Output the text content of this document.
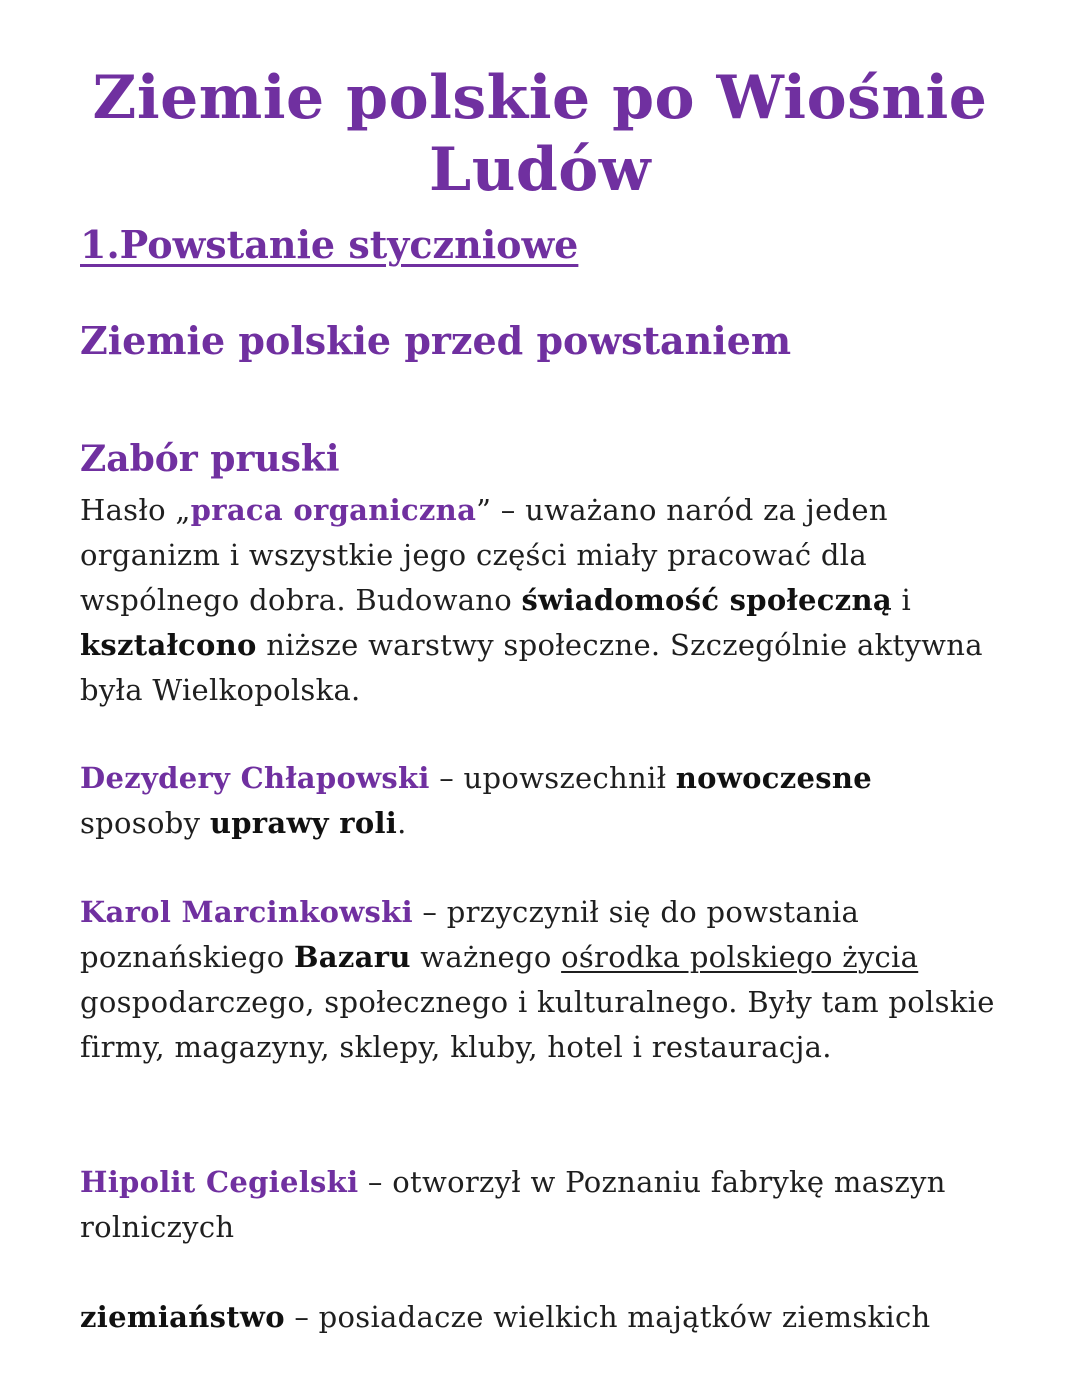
Ziemie polskie po Wiośnie Ludów
1.Powstanie styczniowe
Ziemie polskie przed powstaniem
Zabór pruski

Hasło „praca organiczna” – uważano naród za jeden organizm i wszystkie jego części miały pracować dla wspólnego dobra. Budowano świadomość społeczną i kształcono niższe warstwy społeczne. Szczególnie aktywna była Wielkopolska.

Dezydery Chłapowski – upowszechnił nowoczesne sposoby uprawy roli.

Karol Marcinkowski – przyczynił się do powstania poznańskiego Bazaru ważnego ośrodka polskiego życia gospodarczego, społecznego i kulturalnego. Były tam polskie firmy, magazyny, sklepy, kluby, hotel i restauracja.

Hipolit Cegielski – otworzył w Poznaniu fabrykę maszyn rolniczych

ziemiaństwo – posiadacze wielkich majątków ziemskich
